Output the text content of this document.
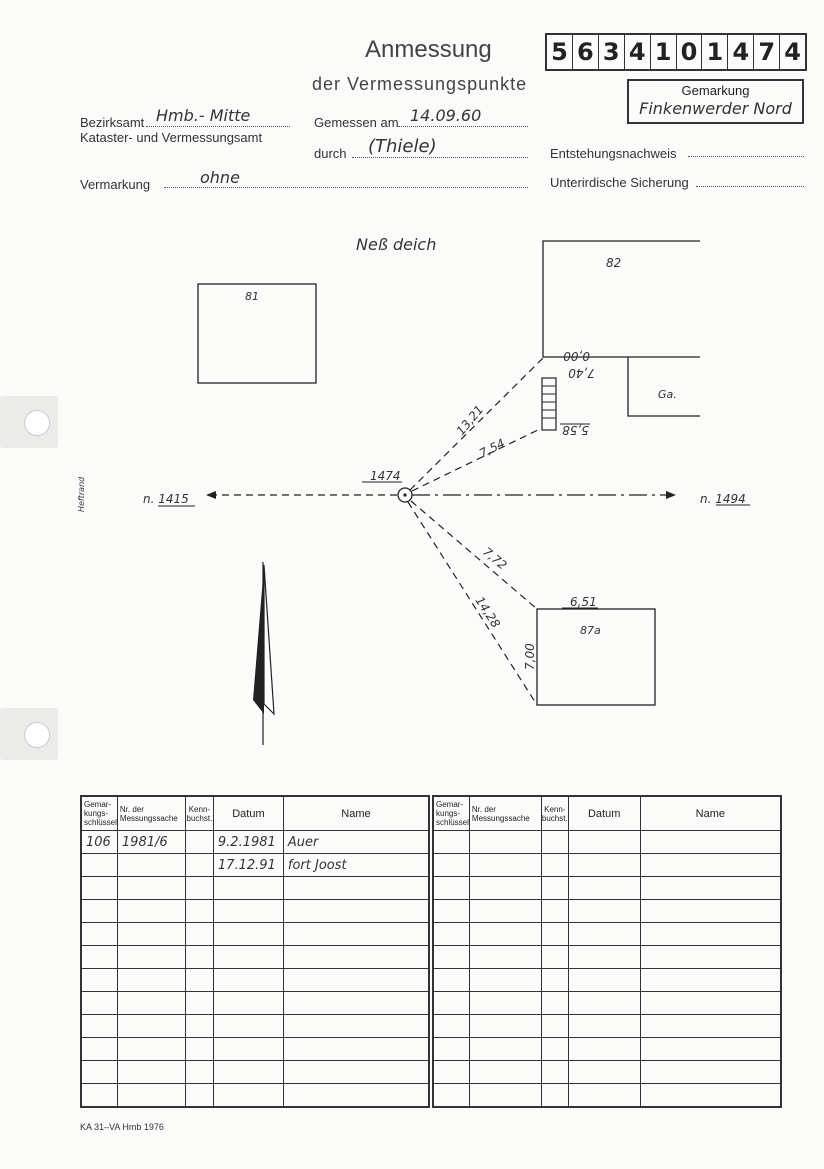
Anmessung
der Vermessungspunkte
5 6 3 4 1 0 1 4 7 4
Gemarkung
Finkenwerder Nord
Bezirksamt Hmb.- Mitte
Kataster- und Vermessungsamt
Gemessen am 14.09.60
durch (Thiele)	Entstehungsnachweis
Vermarkung	ohne	Unterirdische Sicherung
Heftrand
Neß deich
81
82
Ga.
87a
1474
n. 1415	n. 1494
13,21
7,54
7,72
14,28
7,00
6,51
0,00
7,40
5,58
Gemar-kungs-schlüssel	Nr. der Messungssache	Kenn-buchst.	Datum	Name
106	1981/6		9.2.1981	Auer
			17.12.91	fort Joost

Gemar-kungs-schlüssel	Nr. der Messungssache	Kenn-buchst.	Datum	Name

KA 31–VA Hmb 1976
